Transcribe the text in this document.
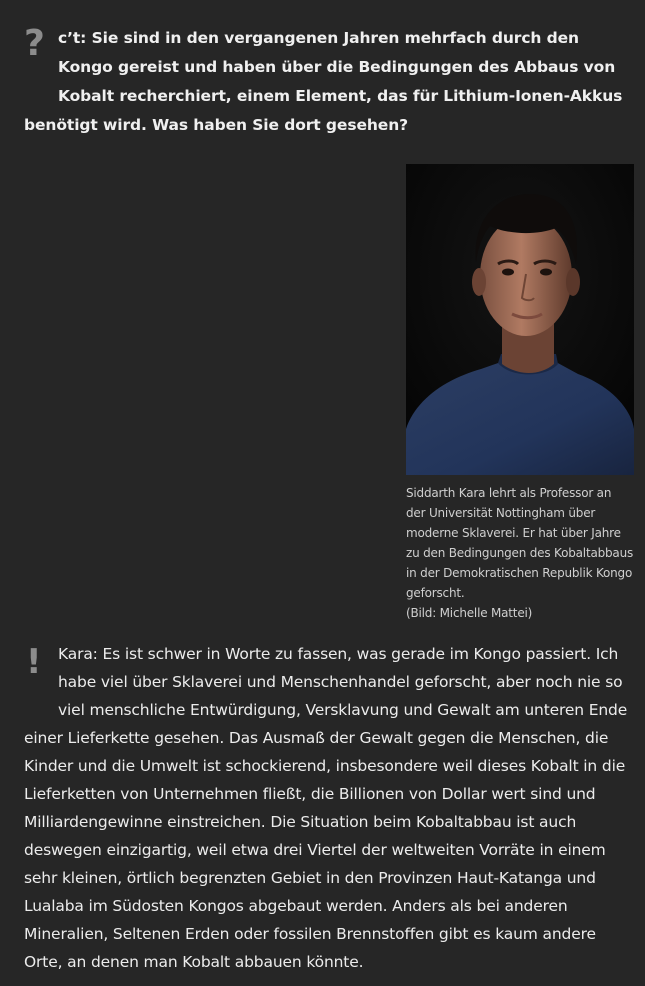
? c’t: Sie sind in den vergangenen Jahren mehrfach durch den Kongo gereist und haben über die Bedingungen des Abbaus von Kobalt recherchiert, einem Element, das für Lithium-Ionen-Akkus benötigt wird. Was haben Sie dort gesehen?
Siddarth Kara lehrt als Professor an der Universität Nottingham über moderne Sklaverei. Er hat über Jahre zu den Bedingungen des Kobaltabbaus in der Demokratischen Republik Kongo geforscht.
(Bild: Michelle Mattei)
! Kara: Es ist schwer in Worte zu fassen, was gerade im Kongo passiert. Ich habe viel über Sklaverei und Menschenhandel geforscht, aber noch nie so viel menschliche Entwürdigung, Versklavung und Gewalt am unteren Ende einer Lieferkette gesehen. Das Ausmaß der Gewalt gegen die Menschen, die Kinder und die Umwelt ist schockierend, insbesondere weil dieses Kobalt in die Lieferketten von Unternehmen fließt, die Billionen von Dollar wert sind und Milliardengewinne einstreichen. Die Situation beim Kobaltabbau ist auch deswegen einzigartig, weil etwa drei Viertel der weltweiten Vorräte in einem sehr kleinen, örtlich begrenzten Gebiet in den Provinzen Haut-Katanga und Lualaba im Südosten Kongos abgebaut werden. Anders als bei anderen Mineralien, Seltenen Erden oder fossilen Brennstoffen gibt es kaum andere Orte, an denen man Kobalt abbauen könnte.
